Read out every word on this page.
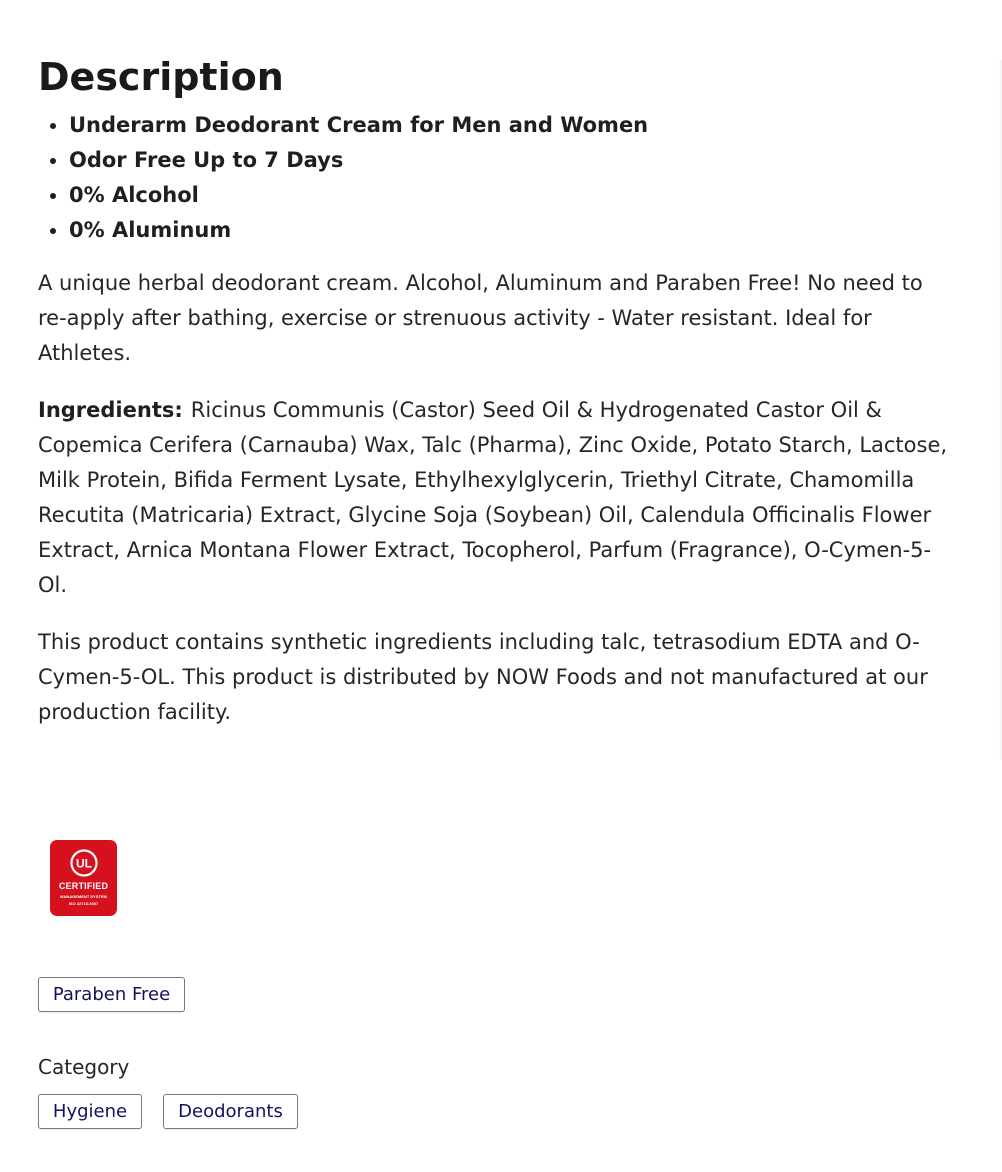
Description
• Underarm Deodorant Cream for Men and Women
• Odor Free Up to 7 Days
• 0% Alcohol
• 0% Aluminum

A unique herbal deodorant cream. Alcohol, Aluminum and Paraben Free! No need to re-apply after bathing, exercise or strenuous activity - Water resistant. Ideal for Athletes.

Ingredients: Ricinus Communis (Castor) Seed Oil & Hydrogenated Castor Oil & Copemica Cerifera (Carnauba) Wax, Talc (Pharma), Zinc Oxide, Potato Starch, Lactose, Milk Protein, Bifida Ferment Lysate, Ethylhexylglycerin, Triethyl Citrate, Chamomilla Recutita (Matricaria) Extract, Glycine Soja (Soybean) Oil, Calendula Officinalis Flower Extract, Arnica Montana Flower Extract, Tocopherol, Parfum (Fragrance), O-Cymen-5-Ol.

This product contains synthetic ingredients including talc, tetrasodium EDTA and O-Cymen-5-OL. This product is distributed by NOW Foods and not manufactured at our production facility.

UL
CERTIFIED
MANAGEMENT SYSTEM
ISO 22716:2007
Paraben Free
Category
Hygiene	Deodorants
